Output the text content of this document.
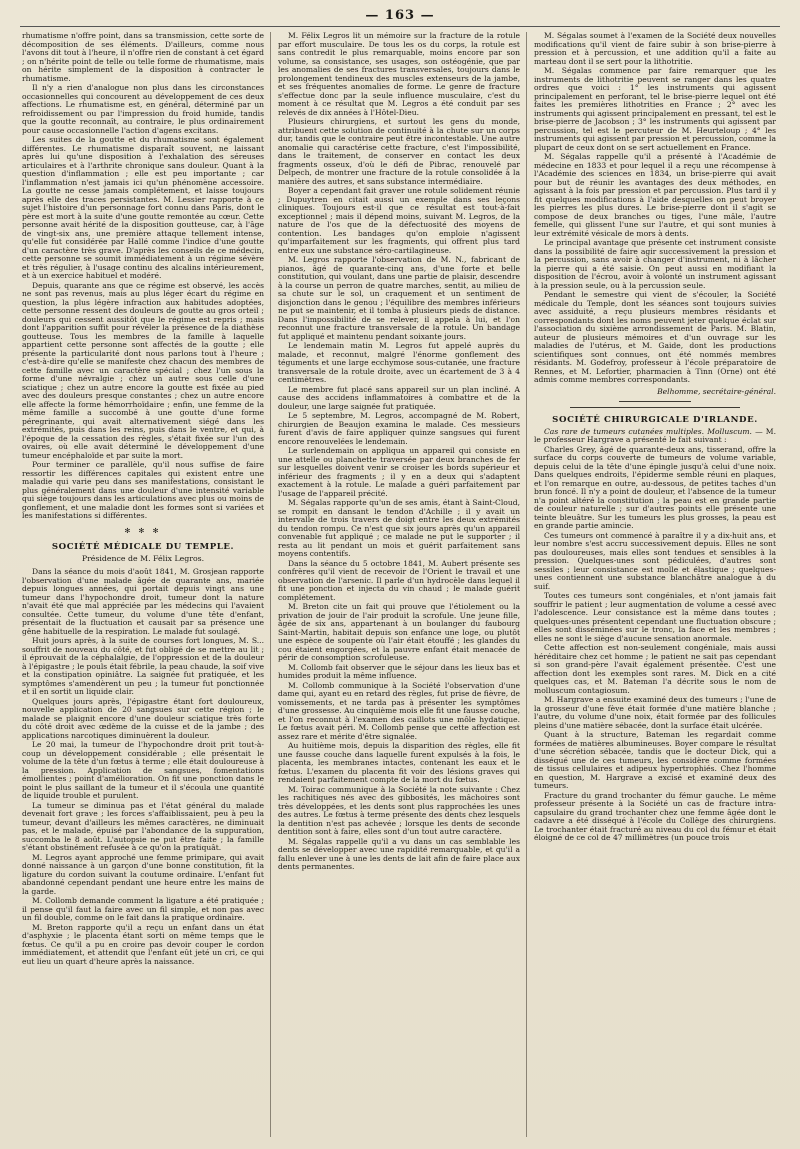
— 163 —

rhumatisme n'offre point, dans sa transmission, cette sorte de décomposition de ses éléments. D'ailleurs, comme nous l'avons dit tout à l'heure, il n'offre rien de constant à cet égard ; on n'hérite point de telle ou telle forme de rhumatisme, mais on hérite simplement de la disposition à contracter le rhumatisme.

Il n'y a rien d'analogue non plus dans les circonstances occasionnelles qui concourent au développement de ces deux affections. Le rhumatisme est, en général, déterminé par un refroidissement ou par l'impression du froid humide, tandis que la goutte reconnaît, au contraire, le plus ordinairement pour cause occasionnelle l'action d'agens excitans.

Les suites de la goutte et du rhumatisme sont également différentes. Le rhumatisme disparaît souvent, ne laissant après lui qu'une disposition à l'exhalation des séreuses articulaires et à l'arthrite chronique sans douleur. Quant à la question d'inflammation ; elle est peu importante ; car l'inflammation n'est jamais ici qu'un phénomène accessoire. La goutte ne cesse jamais complétement, et laisse toujours après elle des traces persistantes. M. Lessier rapporte à ce sujet l'histoire d'un personnage fort connu dans Paris, dont le père est mort à la suite d'une goutte remontée au cœur. Cette personne avait hérité de la disposition goutteuse, car, à l'âge de vingt-six ans, une première attaque tellement intense, qu'elle fut considérée par Hallé comme l'indice d'une goutte d'un caractère très grave. D'après les conseils de ce médecin, cette personne se soumit immédiatement à un régime sévère et très régulier, à l'usage continu des alcalins intérieurement, et à un exercice habituel et modéré.

Depuis, quarante ans que ce régime est observé, les accès ne sont pas revenus, mais au plus léger écart du régime en question, la plus légère infraction aux habitudes adoptées, cette personne ressent des douleurs de goutte au gros orteil ; douleurs qui cessent aussitôt que le régime est repris ; mais dont l'apparition suffit pour révéler la présence de la diathèse goutteuse. Tous les membres de la famille à laquelle appartient cette personne sont affectés de la goutte ; elle présente la particularité dont nous parlons tout à l'heure ; c'est-à-dire qu'elle se manifeste chez chacun des membres de cette famille avec un caractère spécial ; chez l'un sous la forme d'une névralgie ; chez un autre sous celle d'une sciatique ; chez un autre encore la goutte est fixée au pied avec des douleurs presque constantes ; chez un autre encore elle affecte la forme hémorrhoïdaire ; enfin, une femme de la même famille a succombé à une goutte d'une forme péregrinante, qui avait alternativement siégé dans les extrémités, puis dans les reins, puis dans le ventre, et qui, à l'époque de la cessation des règles, s'était fixée sur l'un des ovaires, où elle avait déterminé le développement d'une tumeur encéphaloïde et par suite la mort.

Pour terminer ce parallèle, qu'il nous suffise de faire ressortir les différences capitales qui existent entre une maladie qui varie peu dans ses manifestations, consistant le plus généralement dans une douleur d'une intensité variable qui siège toujours dans les articulations avec plus ou moins de gonflement, et une maladie dont les formes sont si variées et les manifestations si différentes.

✻ ✻ ✻
SOCIÉTÉ MÉDICALE DU TEMPLE.
Présidence de M. Félix Legros.

Dans la séance du mois d'août 1841, M. Grosjean rapporte l'observation d'une malade âgée de quarante ans, mariée depuis longues années, qui portait depuis vingt ans une tumeur dans l'hypochondre droit, tumeur dont la nature n'avait été que mal appréciée par les médecins qui l'avaient consultée. Cette tumeur, du volume d'une tête d'enfant, présentait de la fluctuation et causait par sa présence une gêne habituelle de la respiration. Le malade fut soulagé.

Huit jours après, à la suite de courses fort longues, M. S... souffrit de nouveau du côté, et fut obligé de se mettre au lit ; il éprouvait de la céphalalgie, de l'oppression et de la douleur à l'épigastre ; le pouls était fébrile, la peau chaude, la soif vive et la constipation opiniâtre. La saignée fut pratiquée, et les symptômes s'amendèrent un peu ; la tumeur fut ponctionnée et il en sortit un liquide clair.

Quelques jours après, l'épigastre étant fort douloureux, nouvelle application de 20 sangsues sur cette région ; le malade se plaignit encore d'une douleur sciatique très forte du côté droit avec œdème de la cuisse et de la jambe ; des applications narcotiques diminuèrent la douleur.

Le 20 mai, la tumeur de l'hypochondre droit prit tout-à-coup un développement considérable ; elle présentait le volume de la tête d'un fœtus à terme ; elle était douloureuse à la pression. Application de sangsues, fomentations émollientes ; point d'amélioration. On fit une ponction dans le point le plus saillant de la tumeur et il s'écoula une quantité de liquide trouble et purulent.

La tumeur se diminua pas et l'état général du malade devenait fort grave ; les forces s'affaiblissaient, peu à peu la tumeur, devant d'ailleurs les mêmes caractères, ne diminuait pas, et le malade, épuisé par l'abondance de la suppuration, succomba le 8 août. L'autopsie ne put être faite ; la famille s'étant obstinément refusée à ce qu'on la pratiquât.

M. Legros ayant approché une femme primipare, qui avait donné naissance à un garçon d'une bonne constitution, fit la ligature du cordon suivant la coutume ordinaire. L'enfant fut abandonné cependant pendant une heure entre les mains de la garde.

M. Collomb demande comment la ligature a été pratiquée ; il pense qu'il faut la faire avec un fil simple, et non pas avec un fil double, comme on le fait dans la pratique ordinaire.

M. Breton rapporte qu'il a reçu un enfant dans un état d'asphyxie ; le placenta étant sorti on même temps que le fœtus. Ce qu'il a pu en croire pas devoir couper le cordon immédiatement, et attendit que l'enfant eût jeté un cri, ce qui eut lieu un quart d'heure après la naissance.

M. Félix Legros lit un mémoire sur la fracture de la rotule par effort musculaire. De tous les os du corps, la rotule est sans contredit le plus remarquable, moins encore par son volume, sa consistance, ses usages, son ostéogénie, que par les anomalies de ses fractures transversales, toujours dans le prolongement tendineux des muscles extenseurs de la jambe, et ses fréquentes anomalies de forme. Le genre de fracture s'effectue donc par la seule influence musculaire, c'est du moment à ce résultat que M. Legros a été conduit par ses relevés de dix années à l'Hôtel-Dieu.

Plusieurs chirurgiens, et surtout les gens du monde, attribuent cette solution de continuité à la chute sur un corps dur, tandis que le contraire peut être incontestable. Une autre anomalie qui caractérise cette fracture, c'est l'impossibilité, dans le traitement, de conserver en contact les deux fragments osseux, d'où le défi de Pibrac, renouvelé par Delpech, de montrer une fracture de la rotule consolidée à la manière des autres, et sans substance intermédiaire.

Boyer a cependant fait graver une rotule solidement réunie ; Dupuytren en citait aussi un exemple dans ses leçons cliniques. Toujours est-il que ce résultat est tout-à-fait exceptionnel ; mais il dépend moins, suivant M. Legros, de la nature de l'os que de la défectuosité des moyens de contention. Les bandages qu'on emploie n'agissent qu'imparfaitement sur les fragments, qui offrent plus tard entre eux une substance séro-cartilagineuse.

M. Legros rapporte l'observation de M. N., fabricant de pianos, âgé de quarante-cinq ans, d'une forte et belle constitution, qui voulant, dans une partie de plaisir, descendre à la course un perron de quatre marches, sentit, au milieu de sa chute sur le sol, un craquement et un sentiment de disjonction dans le genou ; l'équilibre des membres inférieurs ne put se maintenir, et il tomba à plusieurs pieds de distance. Dans l'impossibilité de se relever, il appela à lui, et l'on reconnut une fracture transversale de la rotule. Un bandage fut appliqué et maintenu pendant soixante jours.

Le lendemain matin M. Legros fut appelé auprès du malade, et reconnut, malgré l'énorme gonflement des téguments et une large ecchymose sous-cutanée, une fracture transversale de la rotule droite, avec un écartement de 3 à 4 centimètres.

Le membre fut placé sans appareil sur un plan incliné. A cause des accidens inflammatoires à combattre et de la douleur, une large saignée fut pratiquée.

Le 5 septembre, M. Legros, accompagné de M. Robert, chirurgien de Beaujon examina le malade. Ces messieurs furent d'avis de faire appliquer quinze sangsues qui furent encore renouvelées le lendemain.

Le surlendemain on appliqua un appareil qui consiste en une attelle ou planchette traversée par deux branches de fer sur lesquelles doivent venir se croiser les bords supérieur et inférieur des fragments ; il y en a deux qui s'adaptent exactement à la rotule. Le malade a guéri parfaitement par l'usage de l'appareil précité.

M. Ségalas rapporte qu'un de ses amis, étant à Saint-Cloud, se rompit en dansant le tendon d'Achille ; il y avait un intervalle de trois travers de doigt entre les deux extrémités du tendon rompu. Ce n'est que six jours après qu'un appareil convenable fut appliqué ; ce malade ne put le supporter ; il resta au lit pendant un mois et guérit parfaitement sans moyens contentifs.

Dans la séance du 5 octobre 1841, M. Aubert présente ses confrères qu'il vient de recevoir de l'Orient le travail et une observation de l'arsenic. Il parle d'un hydrocèle dans lequel il fit une ponction et injecta du vin chaud ; le malade guérit complétement.

M. Breton cite un fait qui prouve que l'étiolement ou la privation de jouir de l'air produit la scrofule. Une jeune fille, âgée de six ans, appartenant à un boulanger du faubourg Saint-Martin, habitait depuis son enfance une loge, ou plutôt une espèce de soupente où l'air était étouffé ; les glandes du cou étaient engorgées, et la pauvre enfant était menacée de périr de consomption scrofuleuse.

M. Collomb fait observer que le séjour dans les lieux bas et humides produit la même influence.

M. Collomb communique à la Société l'observation d'une dame qui, ayant eu en retard des règles, fut prise de fièvre, de vomissements, et ne tarda pas à présenter les symptômes d'une grossesse. Au cinquième mois elle fit une fausse couche, et l'on reconnut à l'examen des caillots une môle hydatique. Le fœtus avait péri. M. Collomb pense que cette affection est assez rare et mérite d'être signalée.

Au huitième mois, depuis la disparition des règles, elle fit une fausse couche dans laquelle furent expulsés à la fois, le placenta, les membranes intactes, contenant les eaux et le fœtus. L'examen du placenta fit voir des lésions graves qui rendaient parfaitement compte de la mort du fœtus.

M. Toirac communique à la Société la note suivante : Chez les rachitiques nés avec des gibbosités, les mâchoires sont très développées, et les dents sont plus rapprochées les unes des autres. Le fœtus à terme présente des dents chez lesquels la dentition n'est pas achevée ; lorsque les dents de seconde dentition sont à faire, elles sont d'un tout autre caractère.

M. Ségalas rappelle qu'il a vu dans un cas semblable les dents se développer avec une rapidité remarquable, et qu'il a fallu enlever une à une les dents de lait afin de faire place aux dents permanentes.

M. Ségalas soumet à l'examen de la Société deux nouvelles modifications qu'il vient de faire subir à son brise-pierre à pression et à percussion, et une addition qu'il a faite au marteau dont il se sert pour la lithotritie.

M. Ségalas commence par faire remarquer que les instruments de lithotritie peuvent se ranger dans les quatre ordres que voici : 1° les instruments qui agissent principalement en perforant, tel le brise-pierre lequel ont été faites les premières lithotrities en France ; 2° avec les instruments qui agissent principalement en pressant, tel est le brise-pierre de Jacobson ; 3° les instruments qui agissent par percussion, tel est le percuteur de M. Heurteloup ; 4° les instruments qui agissent par pression et percussion, comme la plupart de ceux dont on se sert actuellement en France.

M. Ségalas rappelle qu'il a présenté à l'Académie de médecine en 1833 et pour lequel il a reçu une récompense à l'Académie des sciences en 1834, un brise-pierre qui avait pour but de réunir les avantages des deux méthodes, en agissant à la fois par pression et par percussion. Plus tard il y fit quelques modifications à l'aide desquelles on peut broyer les pierres les plus dures. Le brise-pierre dont il s'agit se compose de deux branches ou tiges, l'une mâle, l'autre femelle, qui glissent l'une sur l'autre, et qui sont munies à leur extrémité vésicale de mors à dents.

Le principal avantage que présente cet instrument consiste dans la possibilité de faire agir successivement la pression et la percussion, sans avoir à changer d'instrument, ni à lâcher la pierre qui a été saisie. On peut aussi en modifiant la disposition de l'écrou, avoir à volonté un instrument agissant à la pression seule, ou à la percussion seule.

Pendant le semestre qui vient de s'écouler, la Société médicale du Temple, dont les séances sont toujours suivies avec assiduité, a reçu plusieurs membres résidants et correspondants dont les noms peuvent jeter quelque éclat sur l'association du sixième arrondissement de Paris. M. Blatin, auteur de plusieurs mémoires et d'un ouvrage sur les maladies de l'utérus, et M. Gaide, dont les productions scientifiques sont connues, ont été nommés membres résidants. M. Godefroy, professeur à l'école préparatoire de Rennes, et M. Lefortier, pharmacien à Tinn (Orne) ont été admis comme membres correspondants.

Belhomme, secrétaire-général.
SOCIÉTÉ CHIRURGICALE D'IRLANDE.

Cas rare de tumeurs cutanées multiples. Molluscum. — M. le professeur Hargrave a présenté le fait suivant :

Charles Grey, âgé de quarante-deux ans, tisserand, offre la surface du corps couverte de tumeurs de volume variable, depuis celui de la tête d'une épingle jusqu'à celui d'une noix. Dans quelques endroits, l'épiderme semble réuni en plaques, et l'on remarque en outre, au-dessous, de petites taches d'un brun foncé. Il n'y a point de douleur, et l'absence de la tumeur n'a point altéré la constitution ; la peau est en grande partie de couleur naturelle ; sur d'autres points elle présente une teinte bleuâtre. Sur les tumeurs les plus grosses, la peau est en grande partie amincie.

Ces tumeurs ont commencé à paraître il y a dix-huit ans, et leur nombre s'est accru successivement depuis. Elles ne sont pas douloureuses, mais elles sont tendues et sensibles à la pression. Quelques-unes sont pédiculées, d'autres sont sessiles ; leur consistance est molle et élastique ; quelques-unes contiennent une substance blanchâtre analogue à du suif.

Toutes ces tumeurs sont congéniales, et n'ont jamais fait souffrir le patient ; leur augmentation de volume a cessé avec l'adolescence. Leur consistance est la même dans toutes ; quelques-unes présentent cependant une fluctuation obscure ; elles sont disséminées sur le tronc, la face et les membres ; elles ne sont le siège d'aucune sensation anormale.

Cette affection est non-seulement congéniale, mais aussi héréditaire chez cet homme ; le patient ne sait pas cependant si son grand-père l'avait également présentée. C'est une affection dont les exemples sont rares. M. Dick en a cité quelques cas, et M. Bateman l'a décrite sous le nom de molluscum contagiosum.

M. Hargrave a ensuite examiné deux des tumeurs ; l'une de la grosseur d'une fève était formée d'une matière blanche ; l'autre, du volume d'une noix, était formée par des follicules pleins d'une matière sébacée, dont la surface était ulcérée.

Quant à la structure, Bateman les regardait comme formées de matières albumineuses. Boyer compare le résultat d'une sécrétion sébacée, tandis que le docteur Dick, qui a disséqué une de ces tumeurs, les considère comme formées de tissus cellulaires et adipeux hypertrophiés. Chez l'homme en question, M. Hargrave a excisé et examiné deux des tumeurs.

Fracture du grand trochanter du fémur gauche. Le même professeur présente à la Société un cas de fracture intra-capsulaire du grand trochanter chez une femme âgée dont le cadavre a été disséqué à l'école du Collège des chirurgiens. Le trochanter était fracturé au niveau du col du fémur et était éloigné de ce col de 47 millimètres (un pouce trois
